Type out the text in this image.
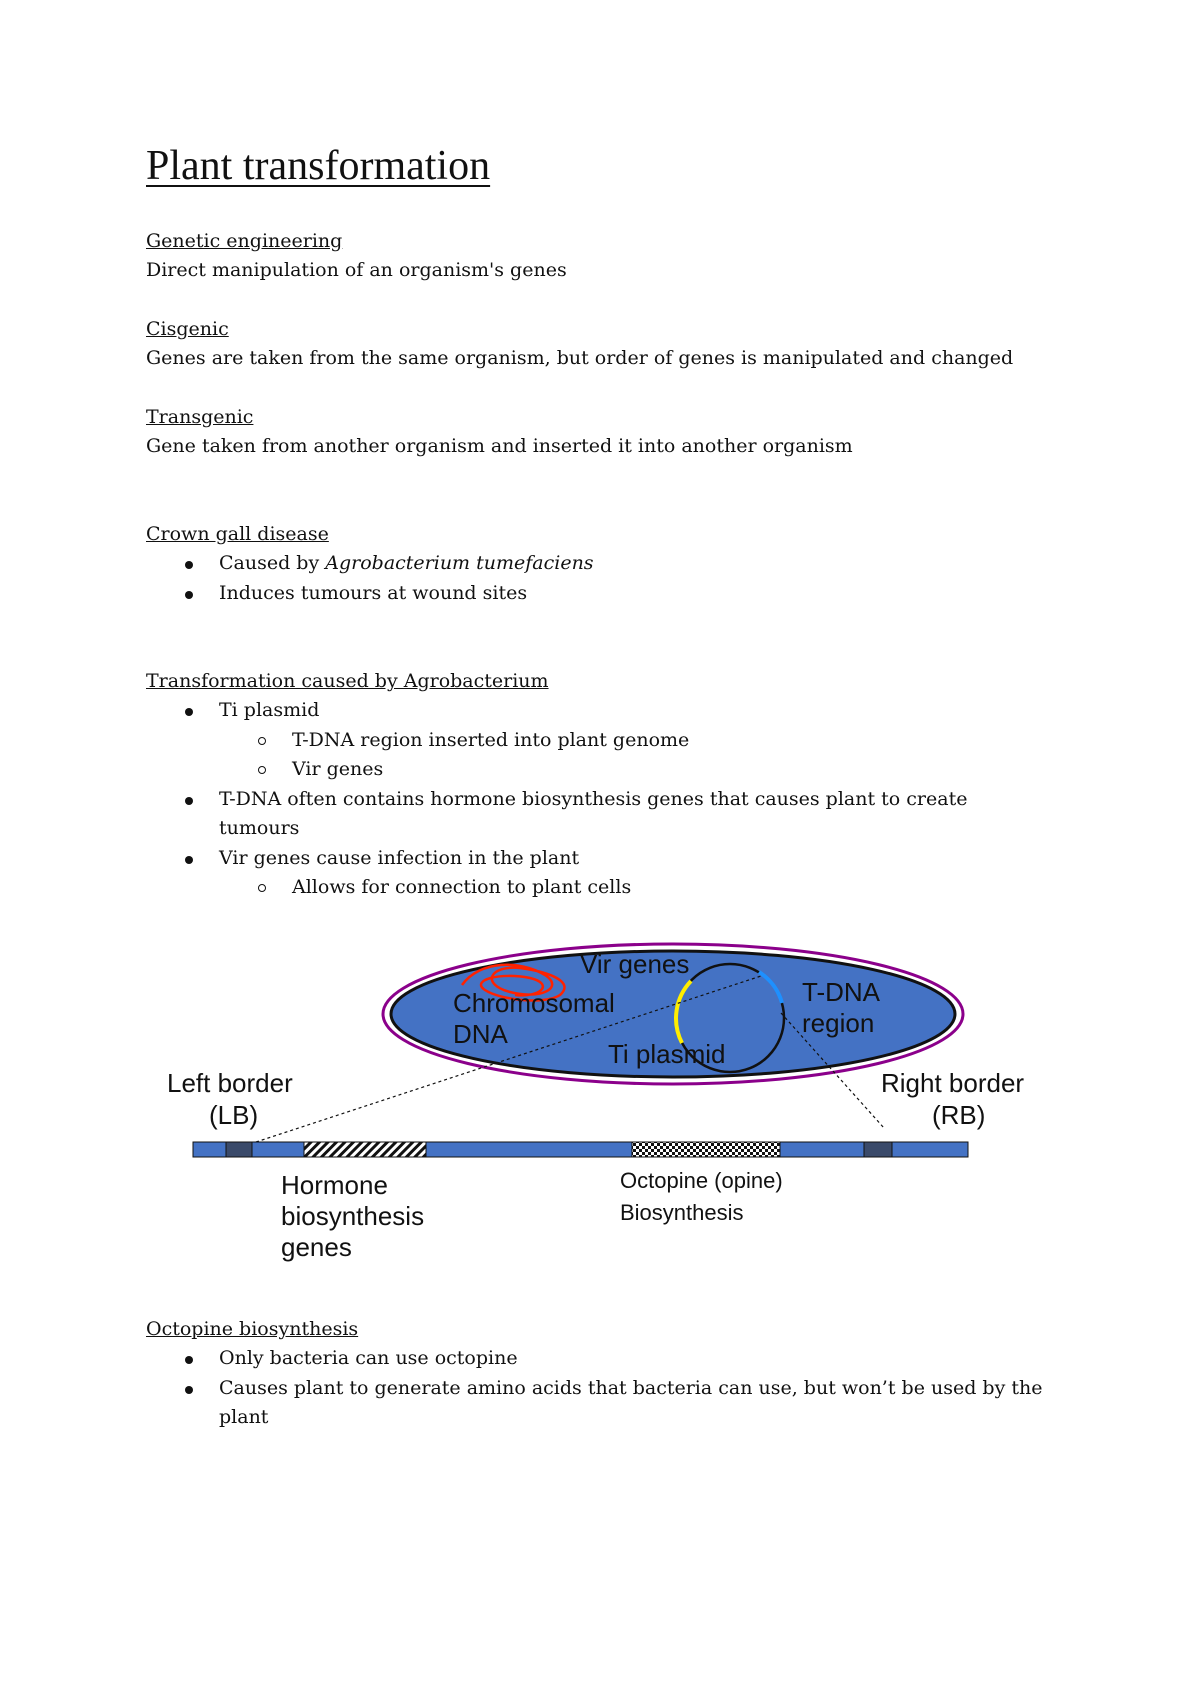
Plant transformation
Genetic engineering
Direct manipulation of an organism's genes
Cisgenic
Genes are taken from the same organism, but order of genes is manipulated and changed
Transgenic
Gene taken from another organism and inserted it into another organism
Crown gall disease
Caused by Agrobacterium tumefaciens
Induces tumours at wound sites
Transformation caused by Agrobacterium
Ti plasmid
T-DNA region inserted into plant genome
Vir genes
T-DNA often contains hormone biosynthesis genes that causes plant to create
tumours
Vir genes cause infection in the plant
Allows for connection to plant cells
Vir genes
Chromosomal
DNA
T-DNA
region
Ti plasmid
Left border
(LB)
Right border
(RB)
Hormone
biosynthesis
genes
Octopine (opine)
Biosynthesis
Octopine biosynthesis
Only bacteria can use octopine
Causes plant to generate amino acids that bacteria can use, but won’t be used by the
plant
